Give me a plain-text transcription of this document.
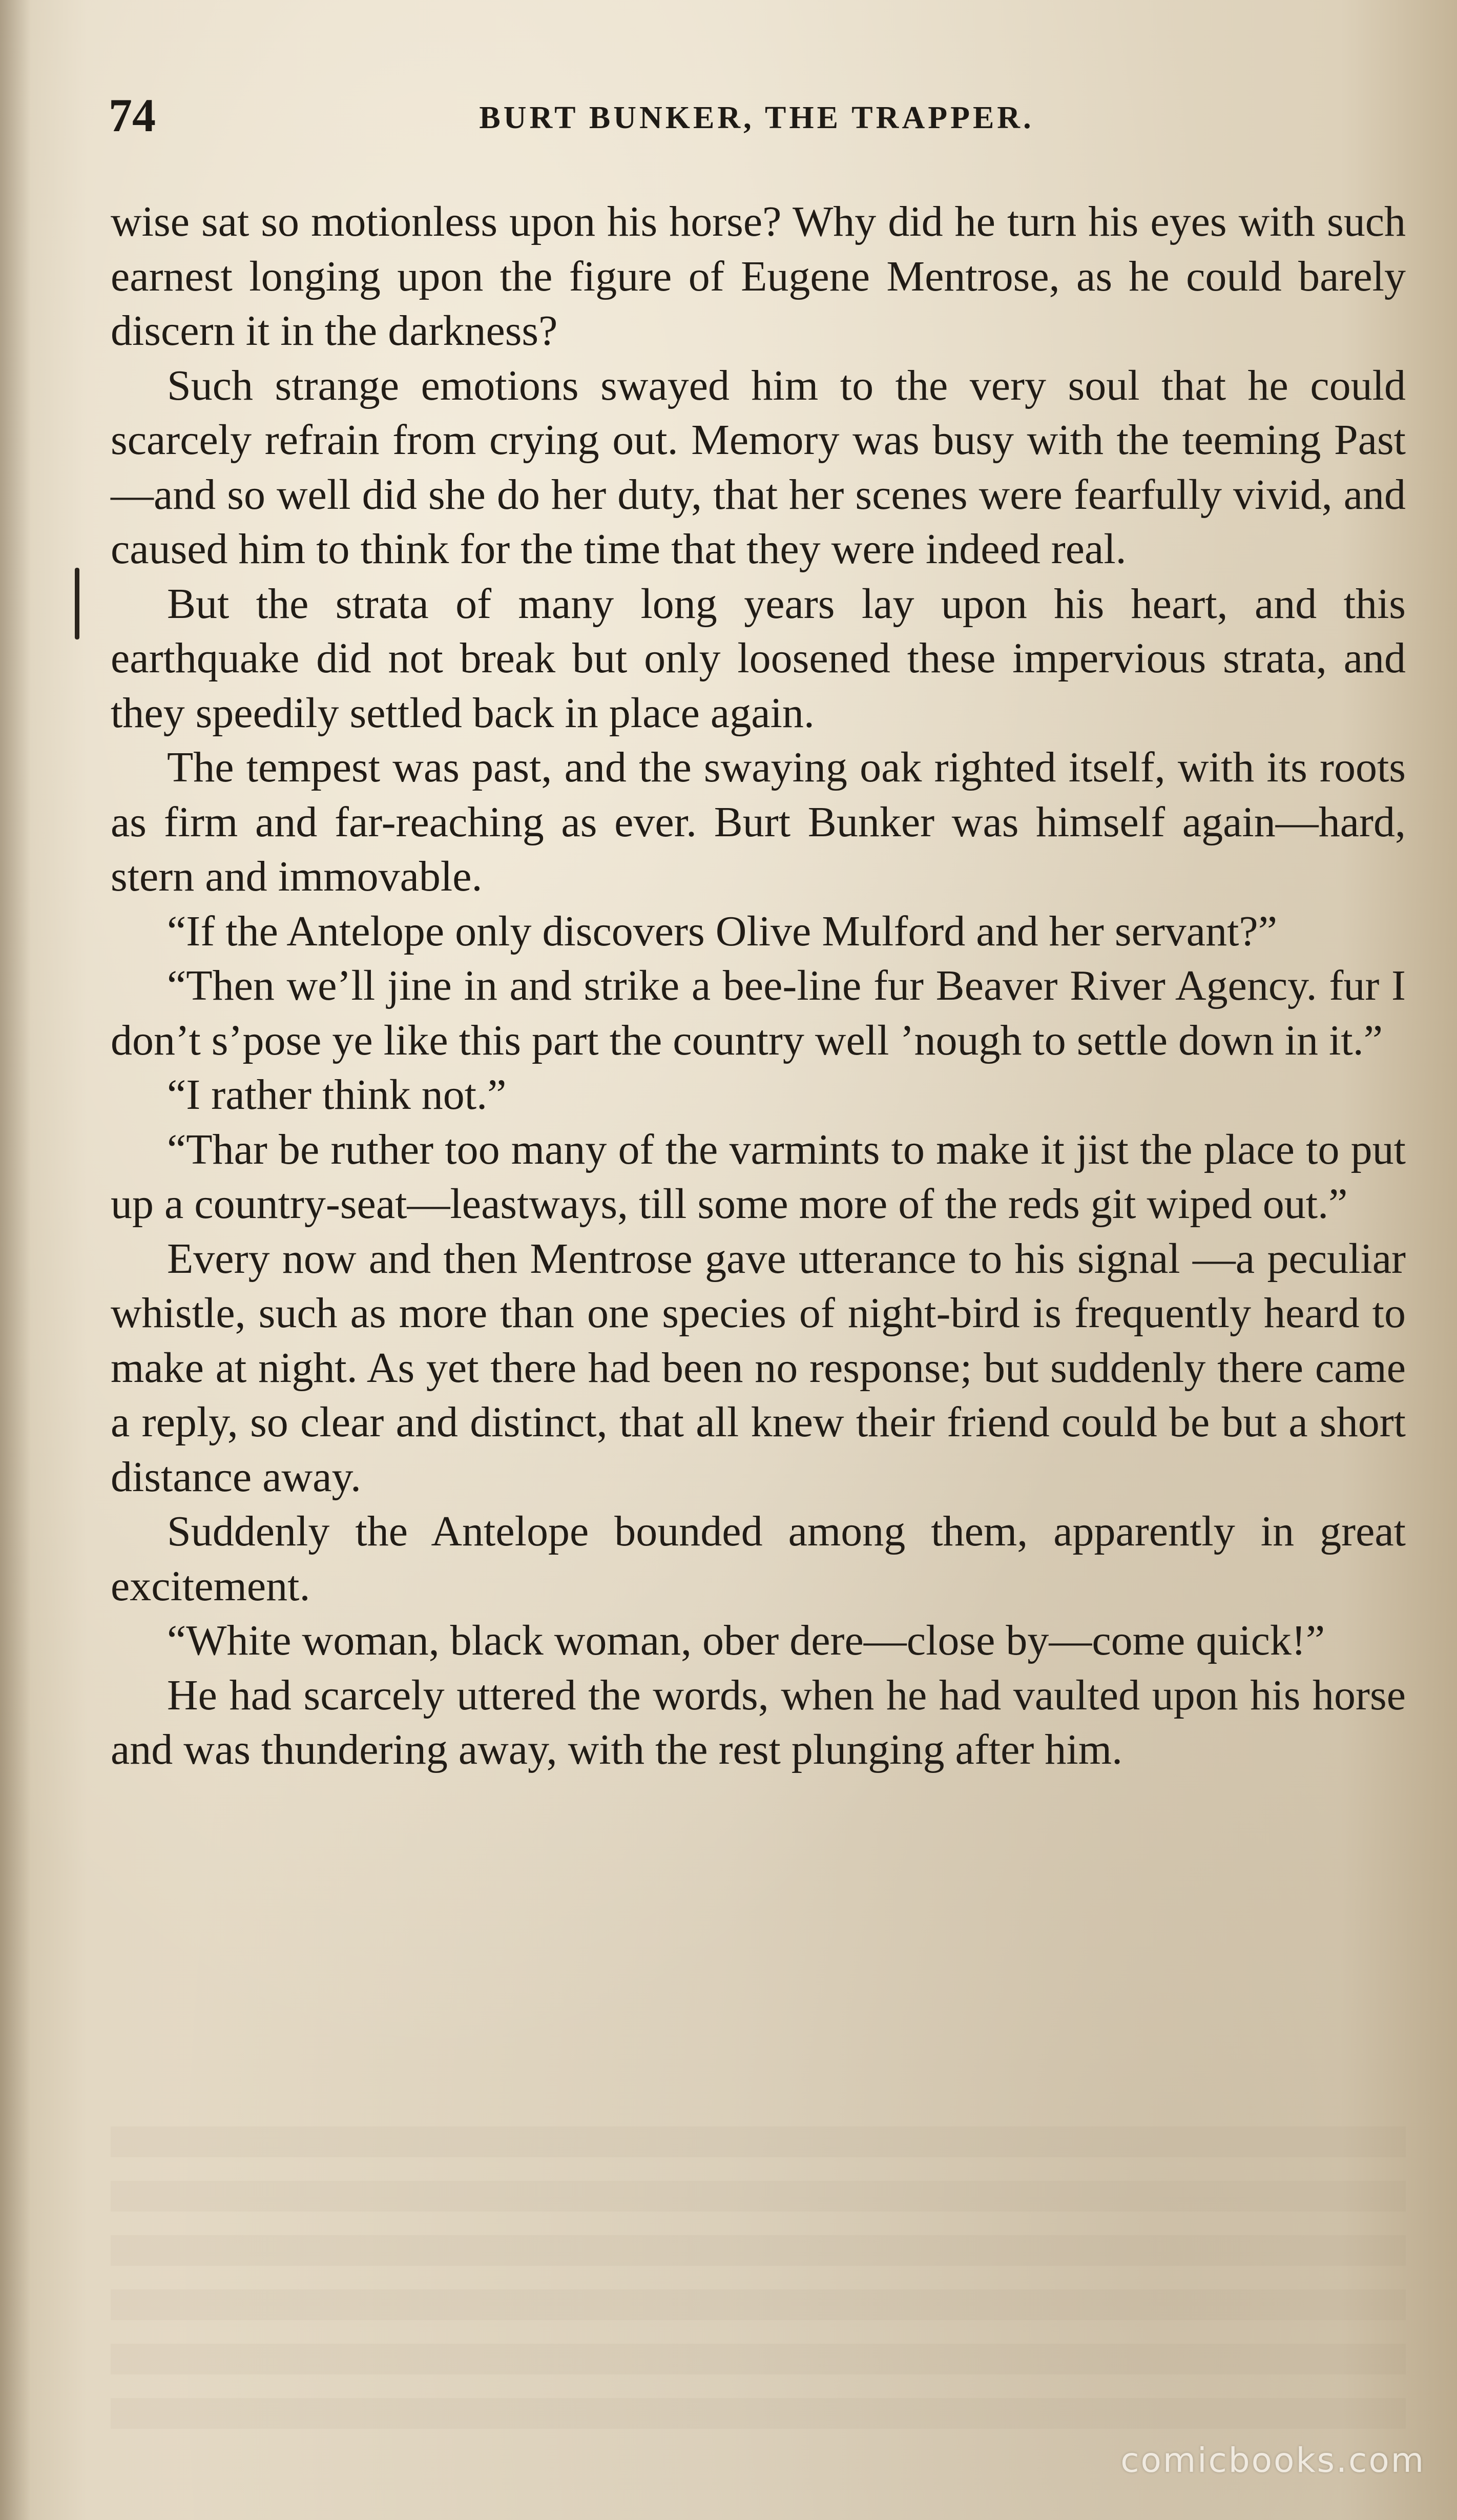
74	BURT BUNKER, THE TRAPPER.

wise sat so motionless upon his horse? Why did he turn his eyes with such earnest longing upon the figure of Eugene Mentrose, as he could barely discern it in the darkness?

Such strange emotions swayed him to the very soul that he could scarcely refrain from crying out. Memory was busy with the teeming Past—and so well did she do her duty, that her scenes were fearfully vivid, and caused him to think for the time that they were indeed real.

But the strata of many long years lay upon his heart, and this earthquake did not break but only loosened these impervious strata, and they speedily settled back in place again.

The tempest was past, and the swaying oak righted itself, with its roots as firm and far-reaching as ever. Burt Bunker was himself again—hard, stern and immovable.

“If the Antelope only discovers Olive Mulford and her servant?”

“Then we’ll jine in and strike a bee-line fur Beaver River Agency. fur I don’t s’pose ye like this part the country well ’nough to settle down in it.”

“I rather think not.”

“Thar be ruther too many of the varmints to make it jist the place to put up a country-seat—leastways, till some more of the reds git wiped out.”

Every now and then Mentrose gave utterance to his signal —a peculiar whistle, such as more than one species of night-bird is frequently heard to make at night. As yet there had been no response; but suddenly there came a reply, so clear and distinct, that all knew their friend could be but a short distance away.

Suddenly the Antelope bounded among them, apparently in great excitement.

“White woman, black woman, ober dere—close by—come quick!”

He had scarcely uttered the words, when he had vaulted upon his horse and was thundering away, with the rest plunging after him.

comicbooks.com
